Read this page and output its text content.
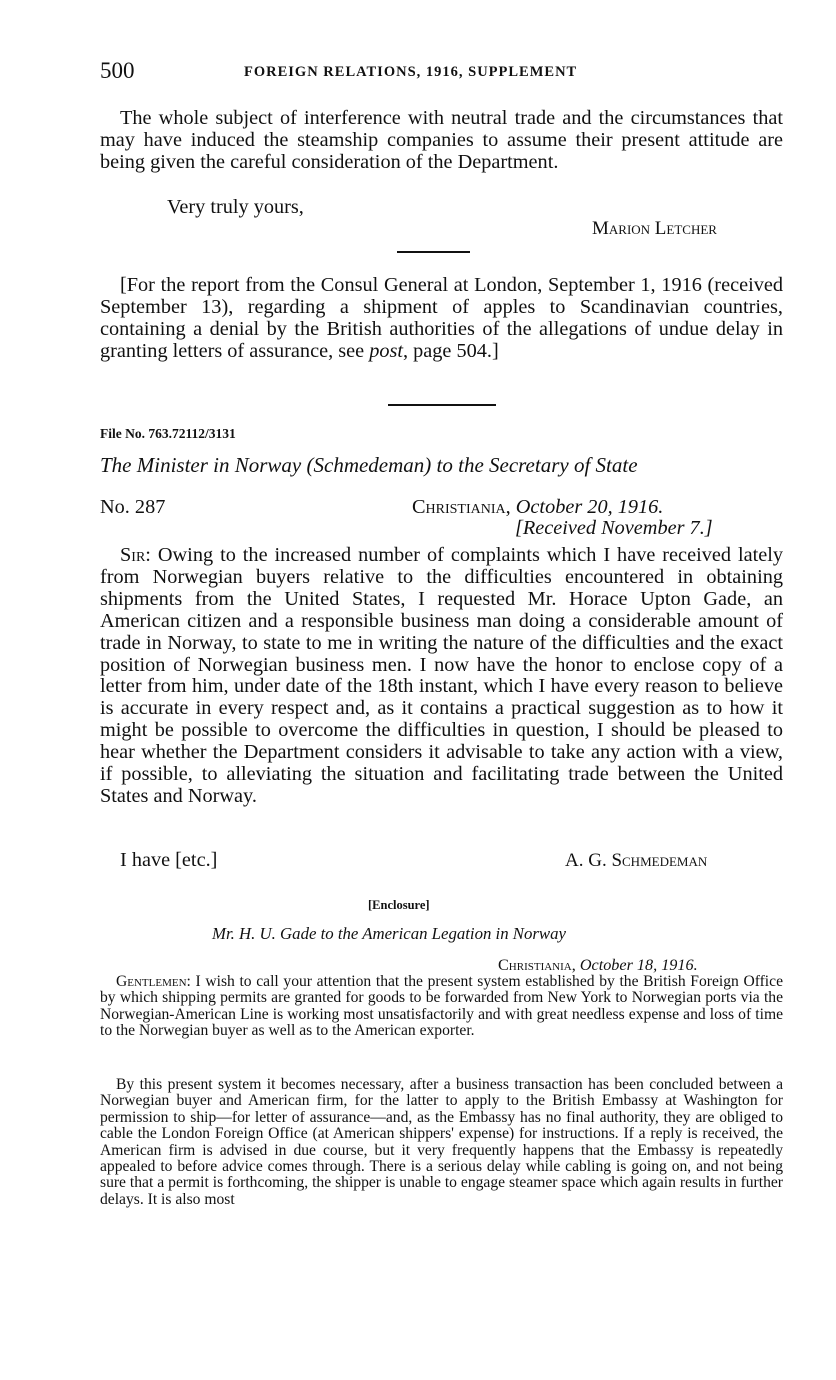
500	FOREIGN RELATIONS, 1916, SUPPLEMENT

The whole subject of interference with neutral trade and the circumstances that may have induced the steamship companies to assume their present attitude are being given the careful consideration of the Department.

Very truly yours,
Marion Letcher

[For the report from the Consul General at London, September 1, 1916 (received September 13), regarding a shipment of apples to Scandinavian countries, containing a denial by the British authorities of the allegations of undue delay in granting letters of assurance, see post, page 504.]

File No. 763.72112/3131
The Minister in Norway (Schmedeman) to the Secretary of State
No. 287	Christiania, October 20, 1916.
[Received November 7.]

Sir: Owing to the increased number of complaints which I have received lately from Norwegian buyers relative to the difficulties encountered in obtaining shipments from the United States, I requested Mr. Horace Upton Gade, an American citizen and a responsible business man doing a considerable amount of trade in Norway, to state to me in writing the nature of the difficulties and the exact position of Norwegian business men. I now have the honor to enclose copy of a letter from him, under date of the 18th instant, which I have every reason to believe is accurate in every respect and, as it contains a practical suggestion as to how it might be possible to overcome the difficulties in question, I should be pleased to hear whether the Department considers it advisable to take any action with a view, if possible, to alleviating the situation and facilitating trade between the United States and Norway.

I have [etc.]	A. G. Schmedeman
[Enclosure]
Mr. H. U. Gade to the American Legation in Norway
Christiania, October 18, 1916.

Gentlemen: I wish to call your attention that the present system established by the British Foreign Office by which shipping permits are granted for goods to be forwarded from New York to Norwegian ports via the Norwegian-American Line is working most unsatisfactorily and with great needless expense and loss of time to the Norwegian buyer as well as to the American exporter.

By this present system it becomes necessary, after a business transaction has been concluded between a Norwegian buyer and American firm, for the latter to apply to the British Embassy at Washington for permission to ship—for letter of assurance—and, as the Embassy has no final authority, they are obliged to cable the London Foreign Office (at American shippers' expense) for instructions. If a reply is received, the American firm is advised in due course, but it very frequently happens that the Embassy is repeatedly appealed to before advice comes through. There is a serious delay while cabling is going on, and not being sure that a permit is forthcoming, the shipper is unable to engage steamer space which again results in further delays. It is also most
